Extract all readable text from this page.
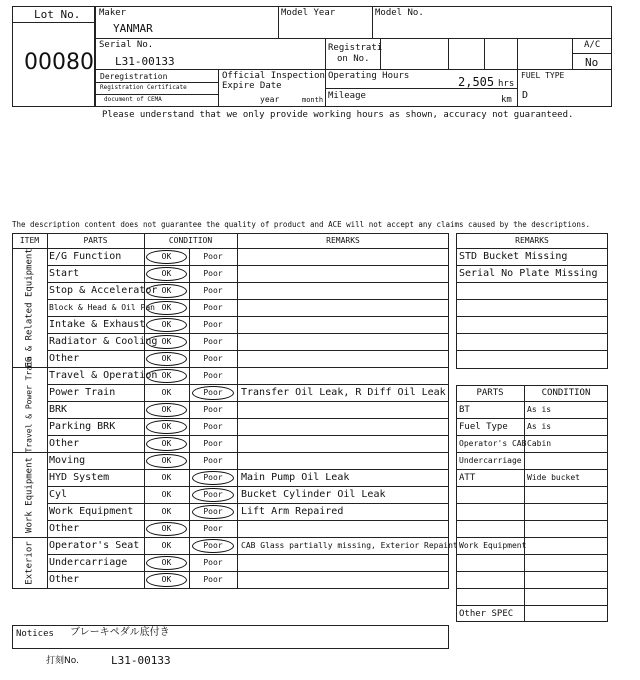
Lot No.
00080
Maker
YANMAR
Model Year	Model No.
Serial No.
L31-00133
Registrati
on No.
A/C
No
Deregistration
Registration Certificate
document of CEMA
Official Inspection
Expire Date
year	month
Operating Hours	2,505 hrs
Mileage	km
FUEL TYPE
D
Please understand that we only provide working hours as shown, accuracy not guaranteed.
The description content does not guarantee the quality of product and ACE will not accept any claims caused by the descriptions.
ITEM	PARTS	CONDITION	REMARKS
E/G Function	OK	Poor
Start	OK	Poor
Stop & Accelerator OK	Poor
Block & Head & Oil Pan OK	Poor
Intake & Exhaust	OK	Poor
Radiator & Cooling OK	Poor
Other	OK	Poor
EG & Related Equipment
Travel & Operation OK	Poor
Power Train	OK	Poor	Transfer Oil Leak, R Diff Oil Leak
BRK	OK	Poor
Parking BRK	OK	Poor
Other	OK	Poor
Travel & Power Train
Moving	OK	Poor
HYD System	OK	Poor	Main Pump Oil Leak
Cyl	OK	Poor	Bucket Cylinder Oil Leak
Work Equipment	OK	Poor	Lift Arm Repaired
Other	OK	Poor
Work Equipment
Operator's Seat	OK	Poor	CAB Glass partially missing, Exterior Repaint
Undercarriage	OK	Poor
Other	OK	Poor
Exterior
REMARKS
STD Bucket Missing
Serial No Plate Missing
PARTS	CONDITION
BT	As is
Fuel Type As is
Operator's CAB Cabin
Undercarriage
ATT	Wide bucket
Work Equipment
Other SPEC
Notices ブレーキペダル底付き
打刻No.	L31-00133
